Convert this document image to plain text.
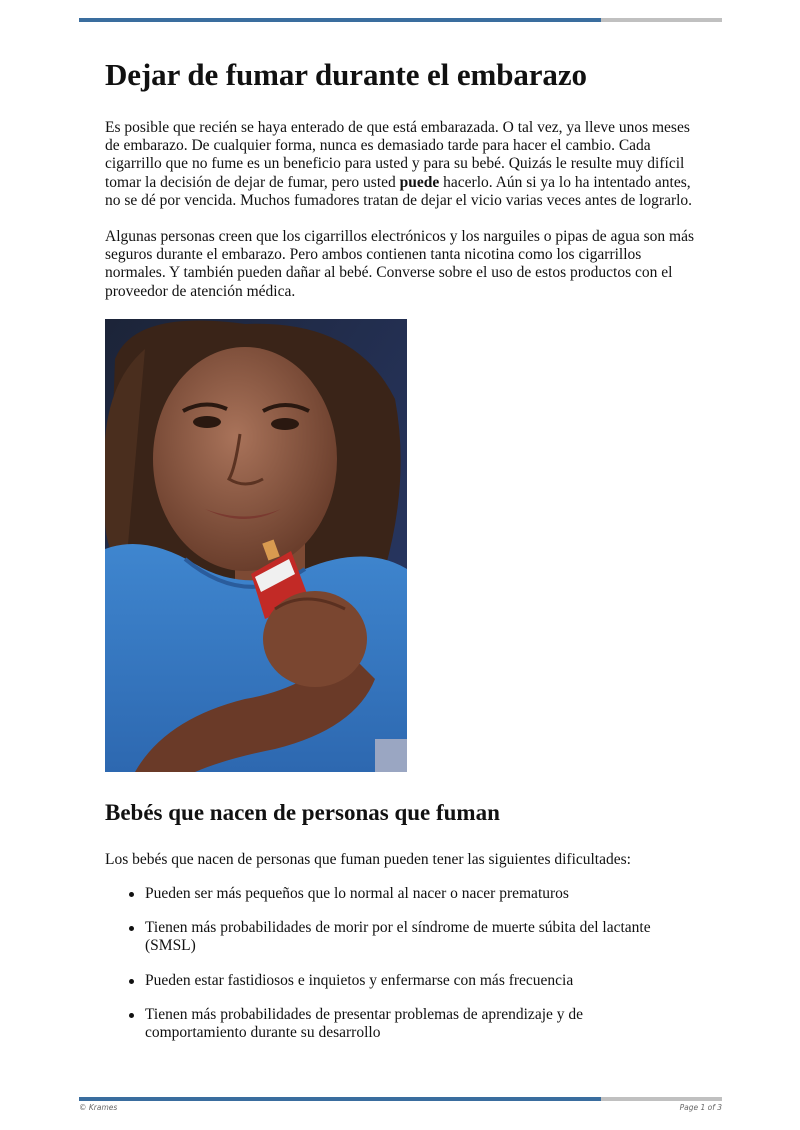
Dejar de fumar durante el embarazo

Es posible que recién se haya enterado de que está embarazada. O tal vez, ya lleve unos meses de embarazo. De cualquier forma, nunca es demasiado tarde para hacer el cambio. Cada cigarrillo que no fume es un beneficio para usted y para su bebé. Quizás le resulte muy difícil tomar la decisión de dejar de fumar, pero usted puede hacerlo. Aún si ya lo ha intentado antes, no se dé por vencida. Muchos fumadores tratan de dejar el vicio varias veces antes de lograrlo.

Algunas personas creen que los cigarrillos electrónicos y los narguiles o pipas de agua son más seguros durante el embarazo. Pero ambos contienen tanta nicotina como los cigarrillos normales. Y también pueden dañar al bebé. Converse sobre el uso de estos productos con el proveedor de atención médica.

Bebés que nacen de personas que fuman

Los bebés que nacen de personas que fuman pueden tener las siguientes dificultades:

Pueden ser más pequeños que lo normal al nacer o nacer prematuros
Tienen más probabilidades de morir por el síndrome de muerte súbita del lactante (SMSL)
Pueden estar fastidiosos e inquietos y enfermarse con más frecuencia
Tienen más probabilidades de presentar problemas de aprendizaje y de comportamiento durante su desarrollo
© Krames	Page 1 of 3
